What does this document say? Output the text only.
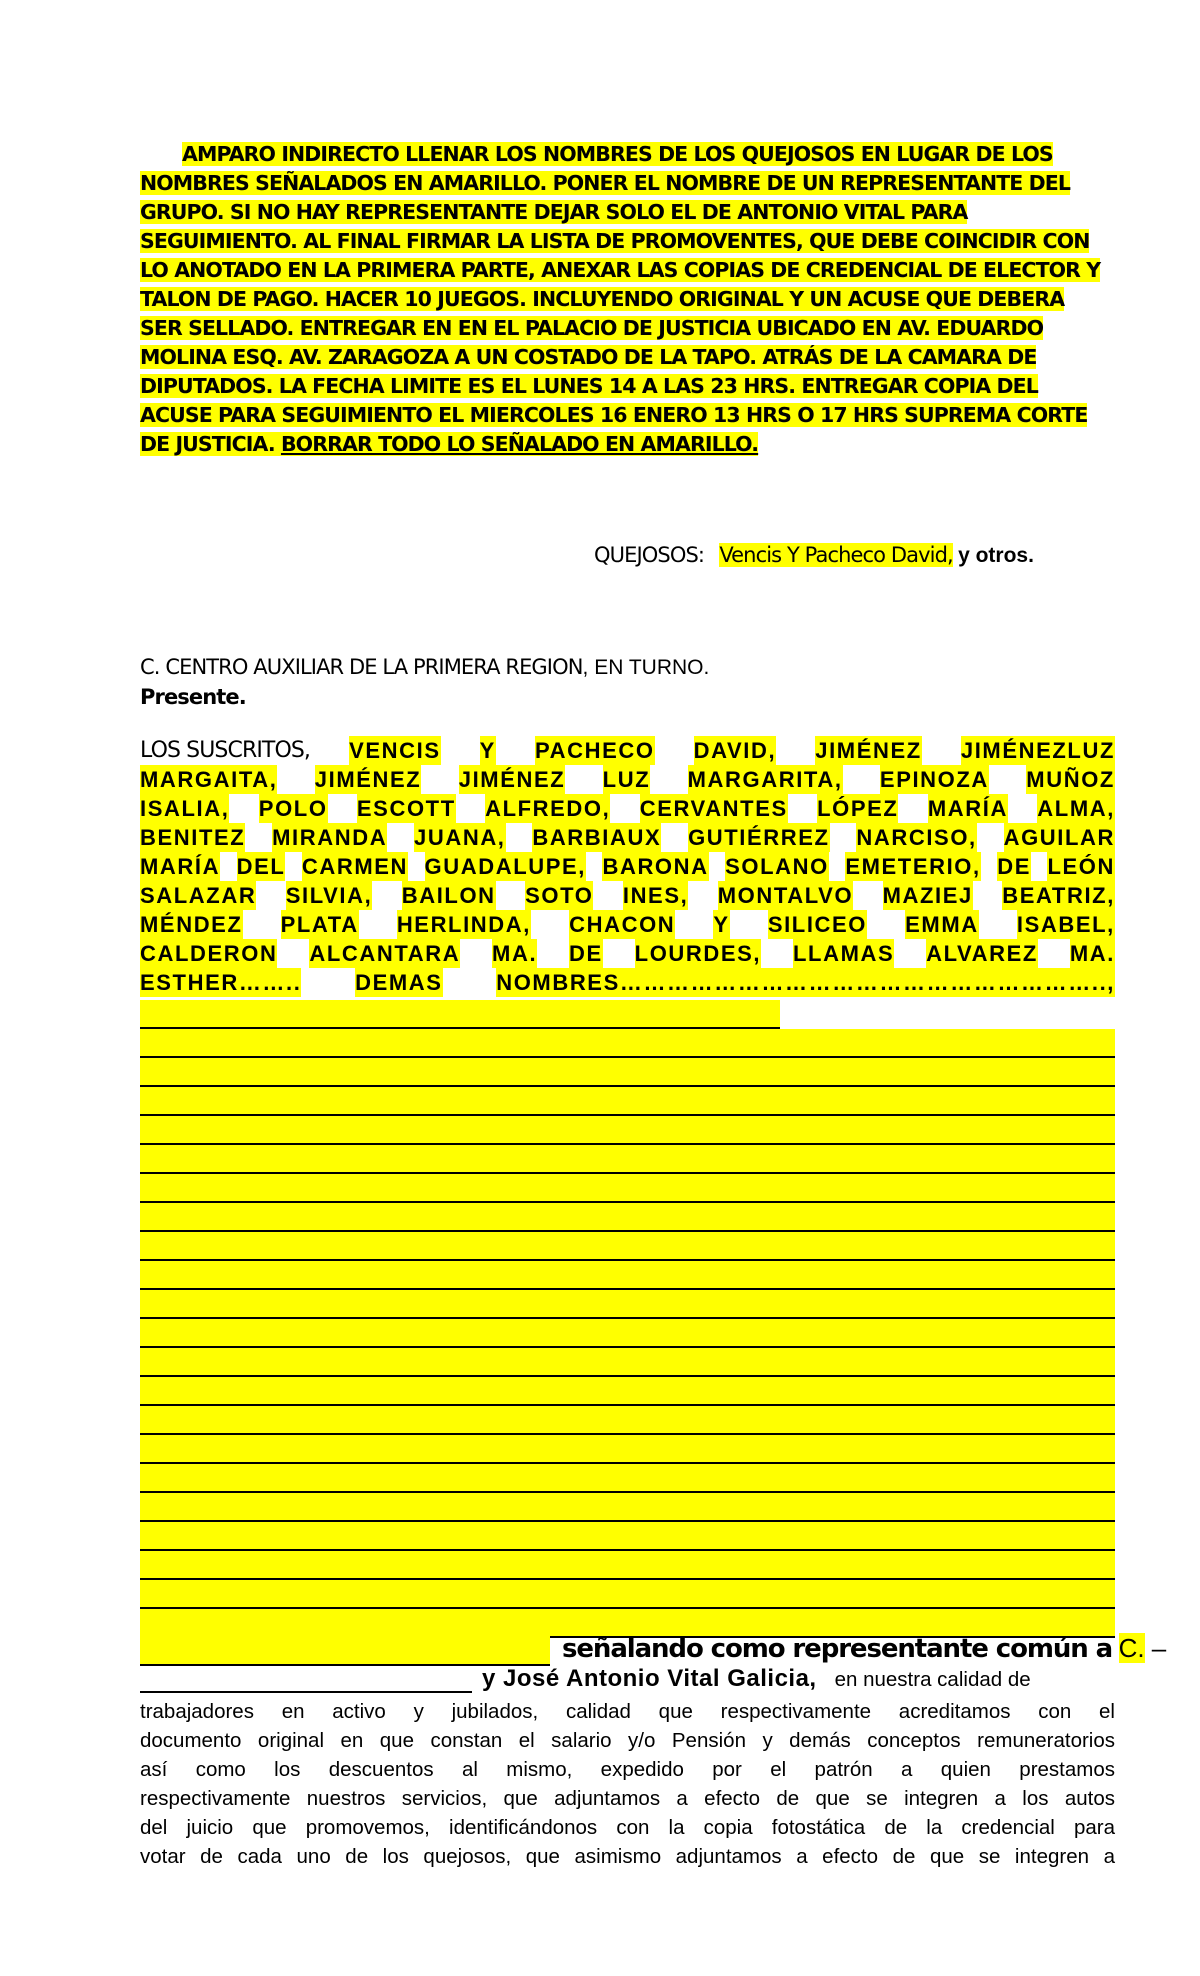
AMPARO INDIRECTO LLENAR LOS NOMBRES DE LOS QUEJOSOS EN LUGAR DE LOS
NOMBRES SEÑALADOS EN AMARILLO. PONER EL NOMBRE DE UN REPRESENTANTE DEL
GRUPO. SI NO HAY REPRESENTANTE DEJAR SOLO EL DE ANTONIO VITAL PARA
SEGUIMIENTO. AL FINAL FIRMAR LA LISTA DE PROMOVENTES, QUE DEBE COINCIDIR CON
LO ANOTADO EN LA PRIMERA PARTE, ANEXAR LAS COPIAS DE CREDENCIAL DE ELECTOR Y
TALON DE PAGO. HACER 10 JUEGOS. INCLUYENDO ORIGINAL Y UN ACUSE QUE DEBERA
SER SELLADO. ENTREGAR EN EN EL PALACIO DE JUSTICIA UBICADO EN AV. EDUARDO
MOLINA ESQ. AV. ZARAGOZA A UN COSTADO DE LA TAPO. ATRÁS DE LA CAMARA DE
DIPUTADOS. LA FECHA LIMITE ES EL LUNES 14 A LAS 23 HRS. ENTREGAR COPIA DEL
ACUSE PARA SEGUIMIENTO EL MIERCOLES 16 ENERO 13 HRS O 17 HRS SUPREMA CORTE
DE JUSTICIA. BORRAR TODO LO SEÑALADO EN AMARILLO.
QUEJOSOS: Vencis Y Pacheco David, y otros.
C. CENTRO AUXILIAR DE LA PRIMERA REGION, EN TURNO.
Presente.
LOS SUSCRITOS, VENCIS Y PACHECO DAVID, JIMÉNEZ JIMÉNEZLUZ
MARGAITA, JIMÉNEZ JIMÉNEZ LUZ MARGARITA, EPINOZA MUÑOZ
ISALIA, POLO ESCOTT ALFREDO, CERVANTES LÓPEZ MARÍA ALMA,
BENITEZ MIRANDA JUANA, BARBIAUX GUTIÉRREZ NARCISO, AGUILAR
MARÍA DEL CARMEN GUADALUPE, BARONA SOLANO EMETERIO, DE LEÓN
SALAZAR SILVIA, BAILON SOTO INES, MONTALVO MAZIEJ BEATRIZ,
MÉNDEZ PLATA HERLINDA, CHACON Y SILICEO EMMA ISABEL,
CALDERON ALCANTARA MA. DE LOURDES, LLAMAS ALVAREZ MA.
ESTHER…….. DEMAS NOMBRES……………………………………………………..,
señalando como representante común a C. –
y José Antonio Vital Galicia, en nuestra calidad de
trabajadores en activo y jubilados, calidad que respectivamente acreditamos con el
documento original en que constan el salario y/o Pensión y demás conceptos remuneratorios
así como los descuentos al mismo, expedido por el patrón a quien prestamos
respectivamente nuestros servicios, que adjuntamos a efecto de que se integren a los autos
del juicio que promovemos, identificándonos con la copia fotostática de la credencial para
votar de cada uno de los quejosos, que asimismo adjuntamos a efecto de que se integren a
